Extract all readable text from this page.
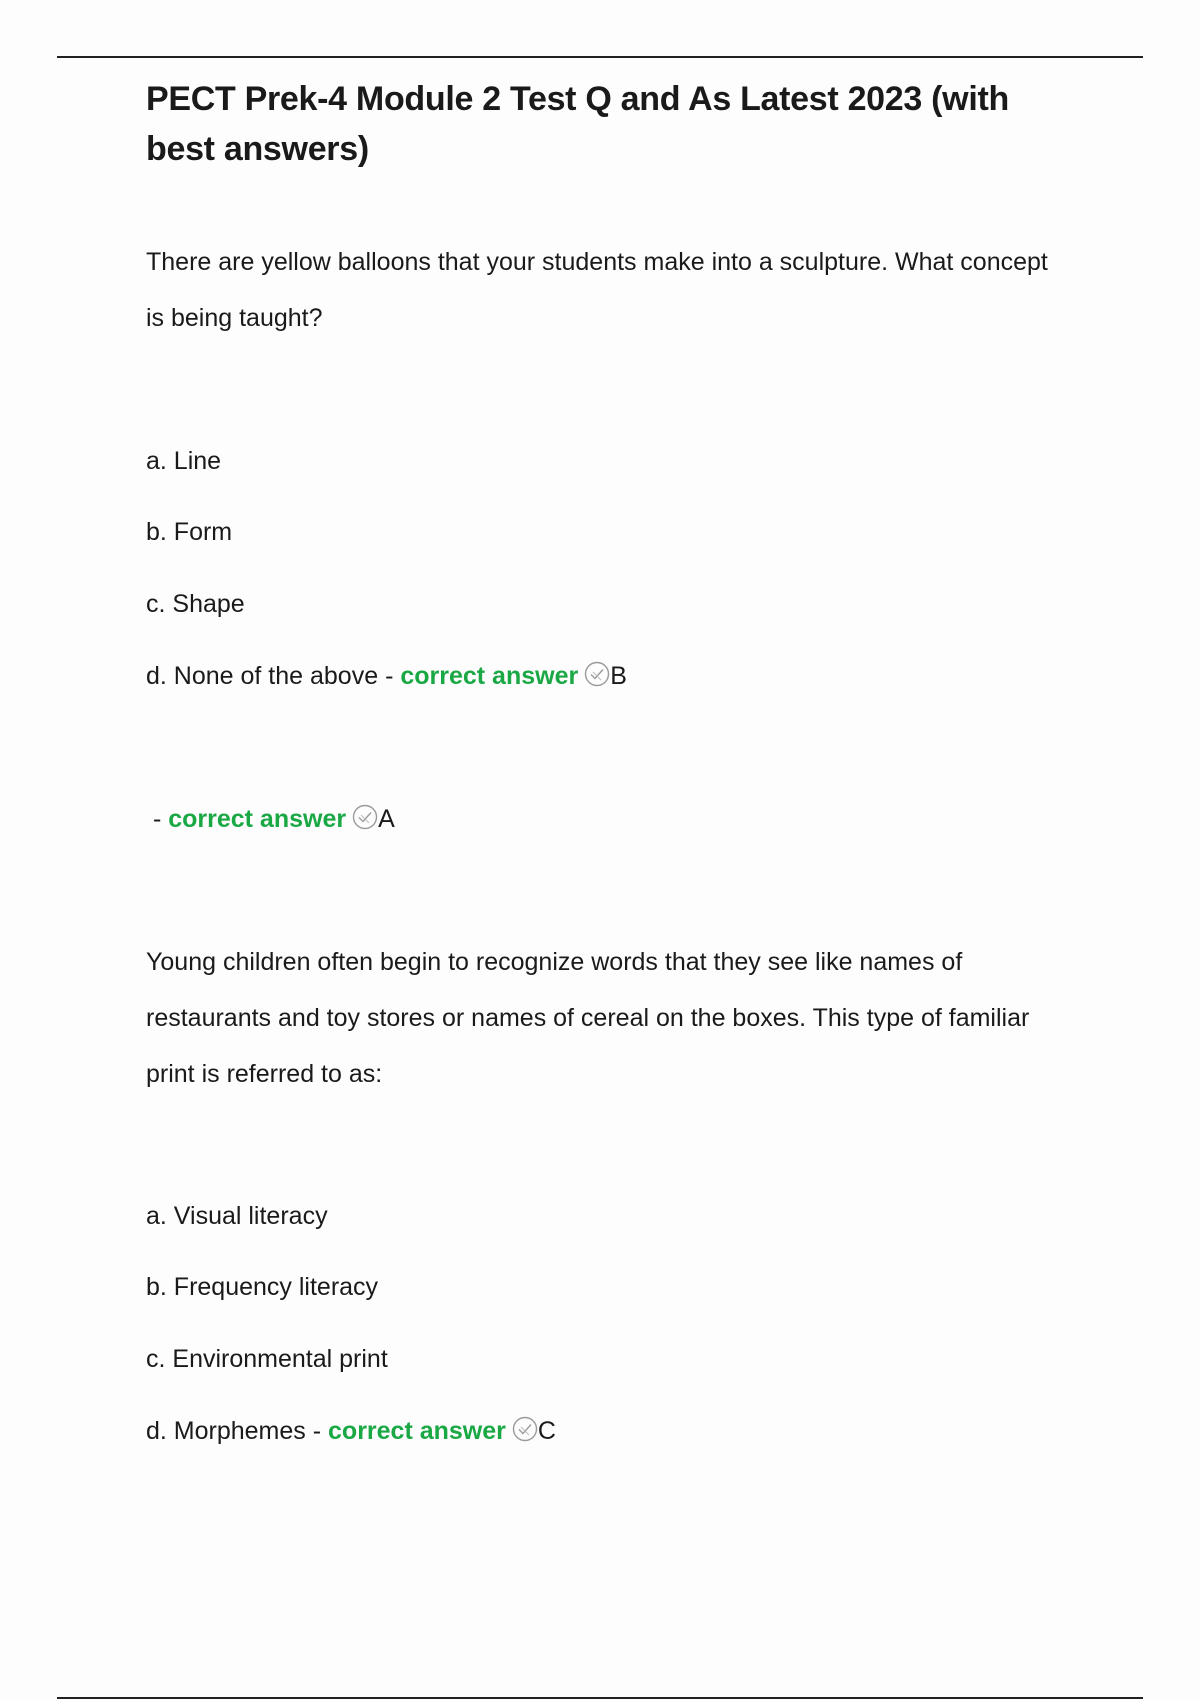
PECT Prek-4 Module 2 Test Q and As Latest 2023 (with best answers)

There are yellow balloons that your students make into a sculpture. What concept is being taught?

a. Line

b. Form

c. Shape

d. None of the above - correct answer B

- correct answer A

Young children often begin to recognize words that they see like names of restaurants and toy stores or names of cereal on the boxes. This type of familiar print is referred to as:

a. Visual literacy

b. Frequency literacy

c. Environmental print

d. Morphemes - correct answer C
